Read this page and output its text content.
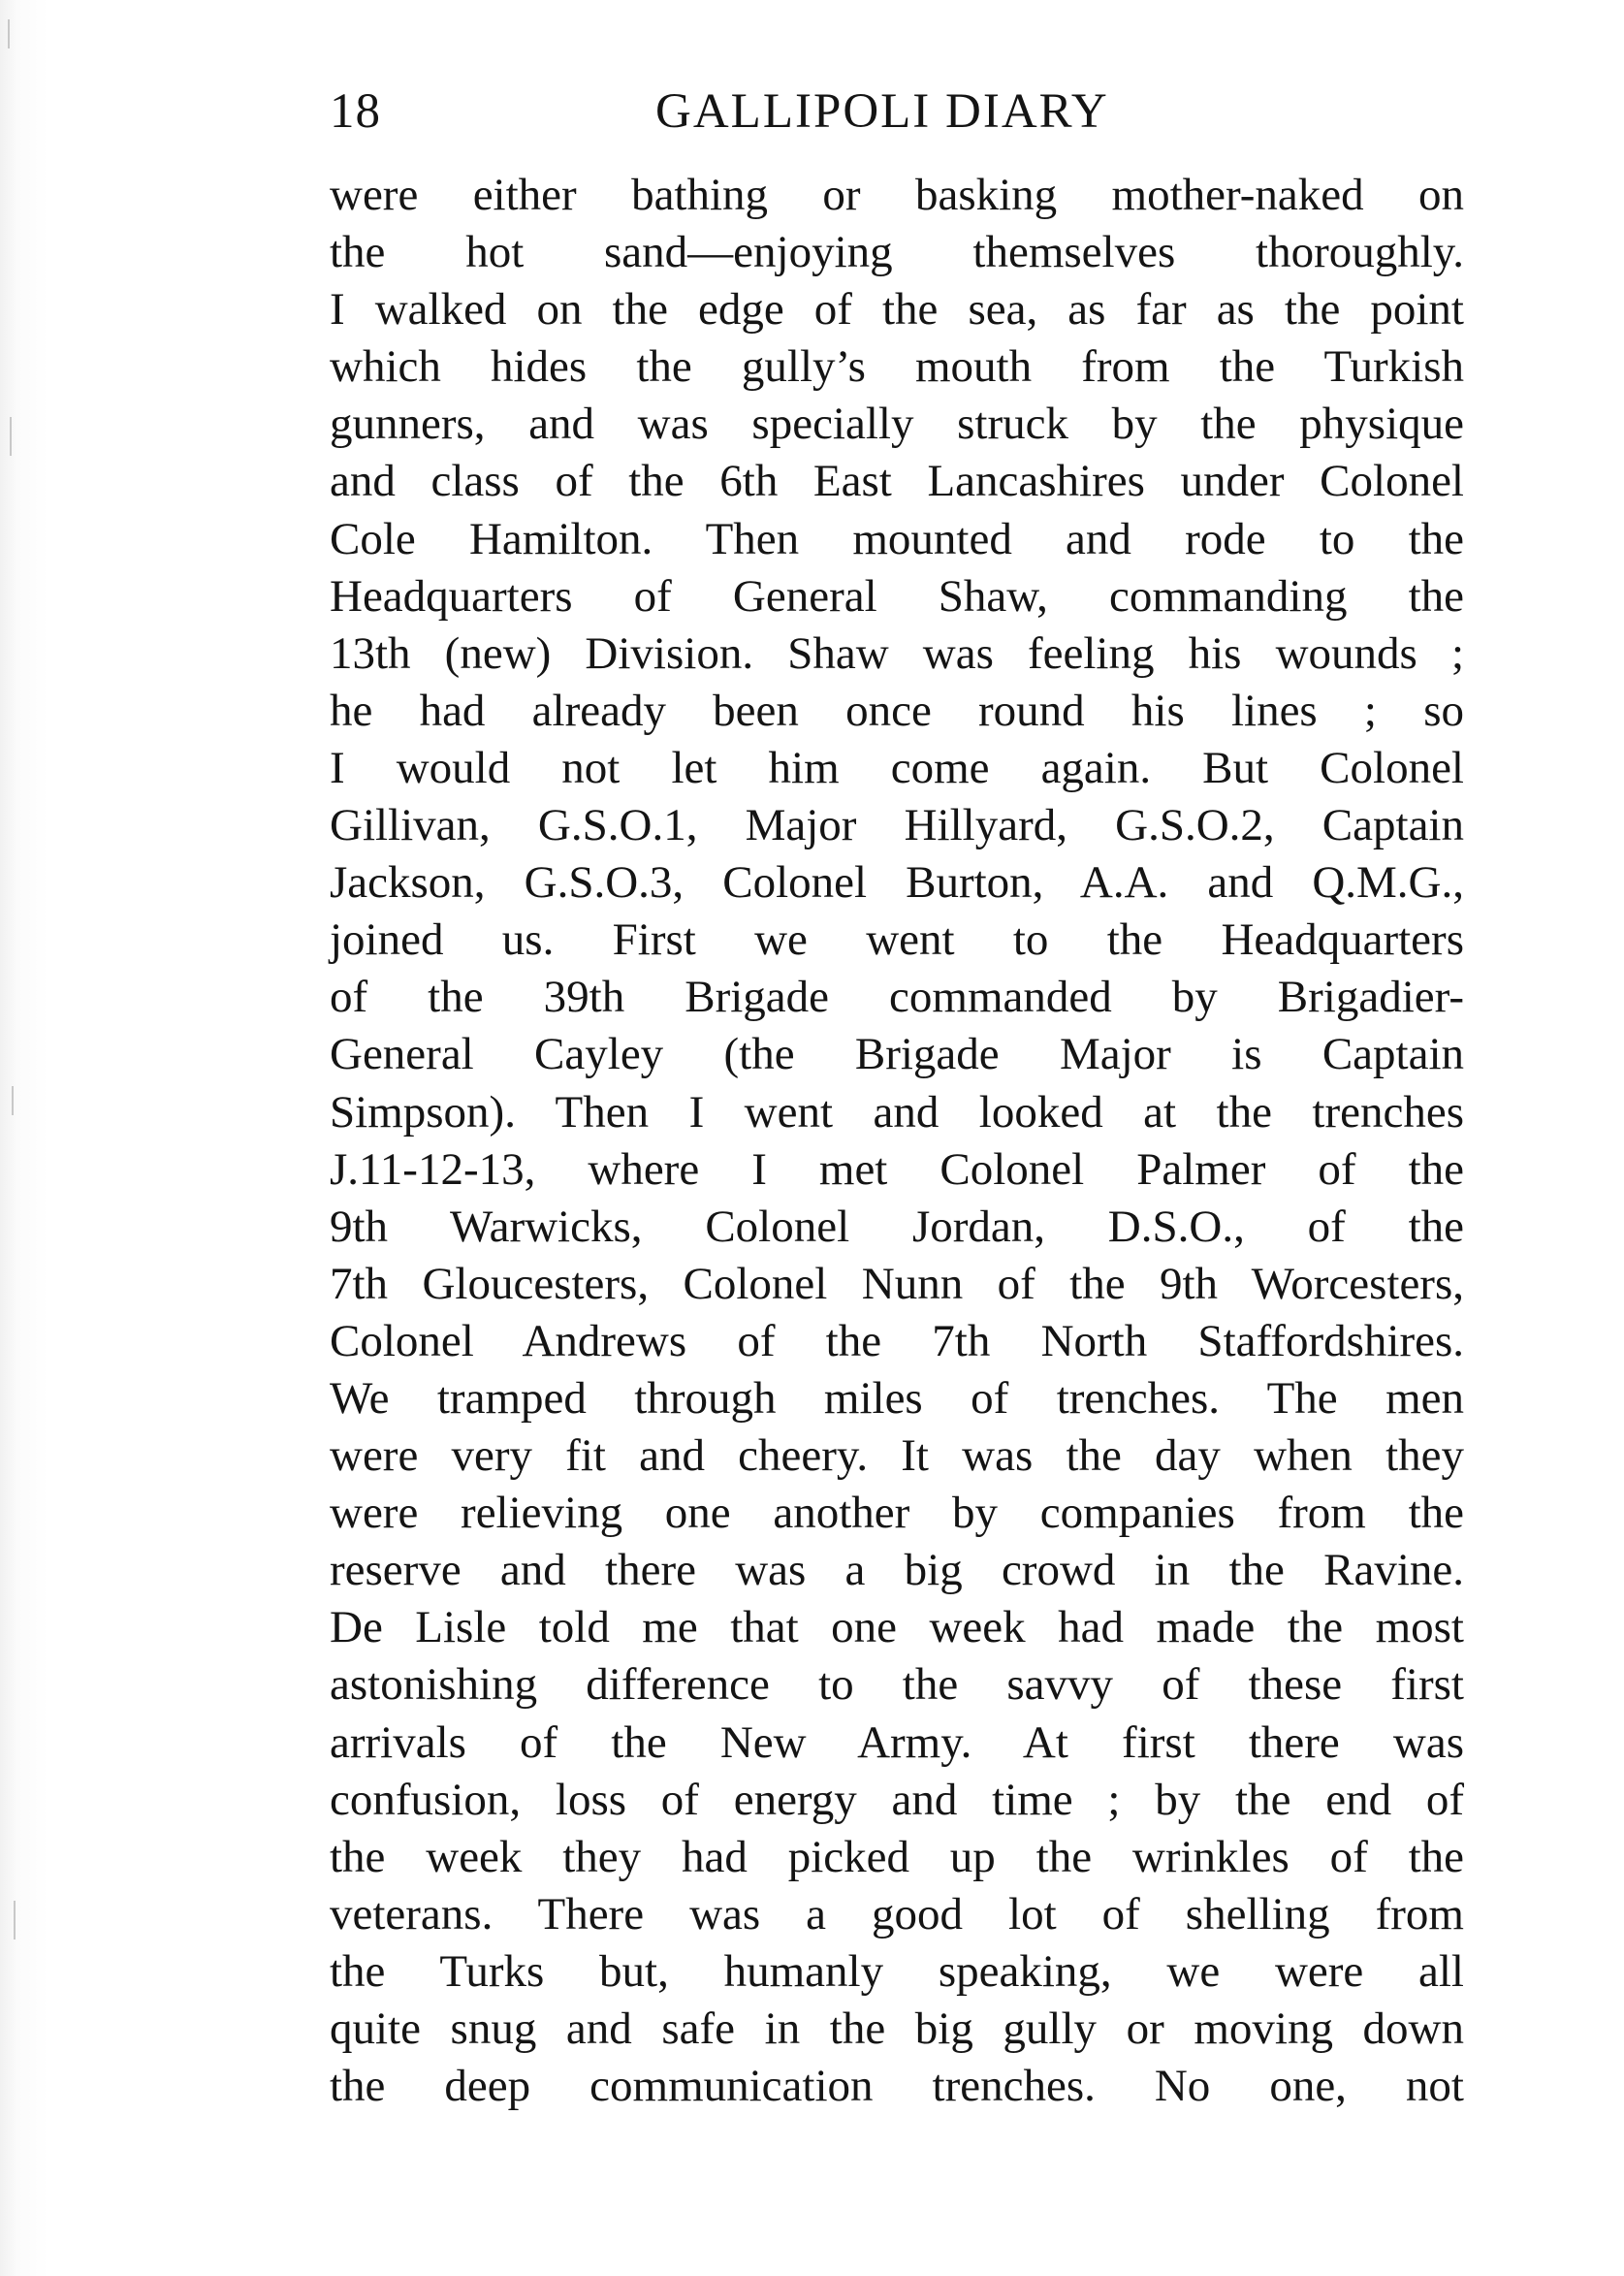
18	GALLIPOLI DIARY
were either bathing or basking mother-naked on
the hot sand—enjoying themselves thoroughly.
I walked on the edge of the sea, as far as the point
which hides the gully’s mouth from the Turkish
gunners, and was specially struck by the physique
and class of the 6th East Lancashires under Colonel
Cole Hamilton. Then mounted and rode to the
Headquarters of General Shaw, commanding the
13th (new) Division. Shaw was feeling his wounds ;
he had already been once round his lines ; so
I would not let him come again. But Colonel
Gillivan, G.S.O.1, Major Hillyard, G.S.O.2, Captain
Jackson, G.S.O.3, Colonel Burton, A.A. and Q.M.G.,
joined us. First we went to the Headquarters
of the 39th Brigade commanded by Brigadier-
General Cayley (the Brigade Major is Captain
Simpson). Then I went and looked at the trenches
J.11-12-13, where I met Colonel Palmer of the
9th Warwicks, Colonel Jordan, D.S.O., of the
7th Gloucesters, Colonel Nunn of the 9th Worcesters,
Colonel Andrews of the 7th North Staffordshires.
We tramped through miles of trenches. The men
were very fit and cheery. It was the day when they
were relieving one another by companies from the
reserve and there was a big crowd in the Ravine.
De Lisle told me that one week had made the most
astonishing difference to the savvy of these first
arrivals of the New Army. At first there was
confusion, loss of energy and time ; by the end of
the week they had picked up the wrinkles of the
veterans. There was a good lot of shelling from
the Turks but, humanly speaking, we were all
quite snug and safe in the big gully or moving down
the deep communication trenches. No one, not
